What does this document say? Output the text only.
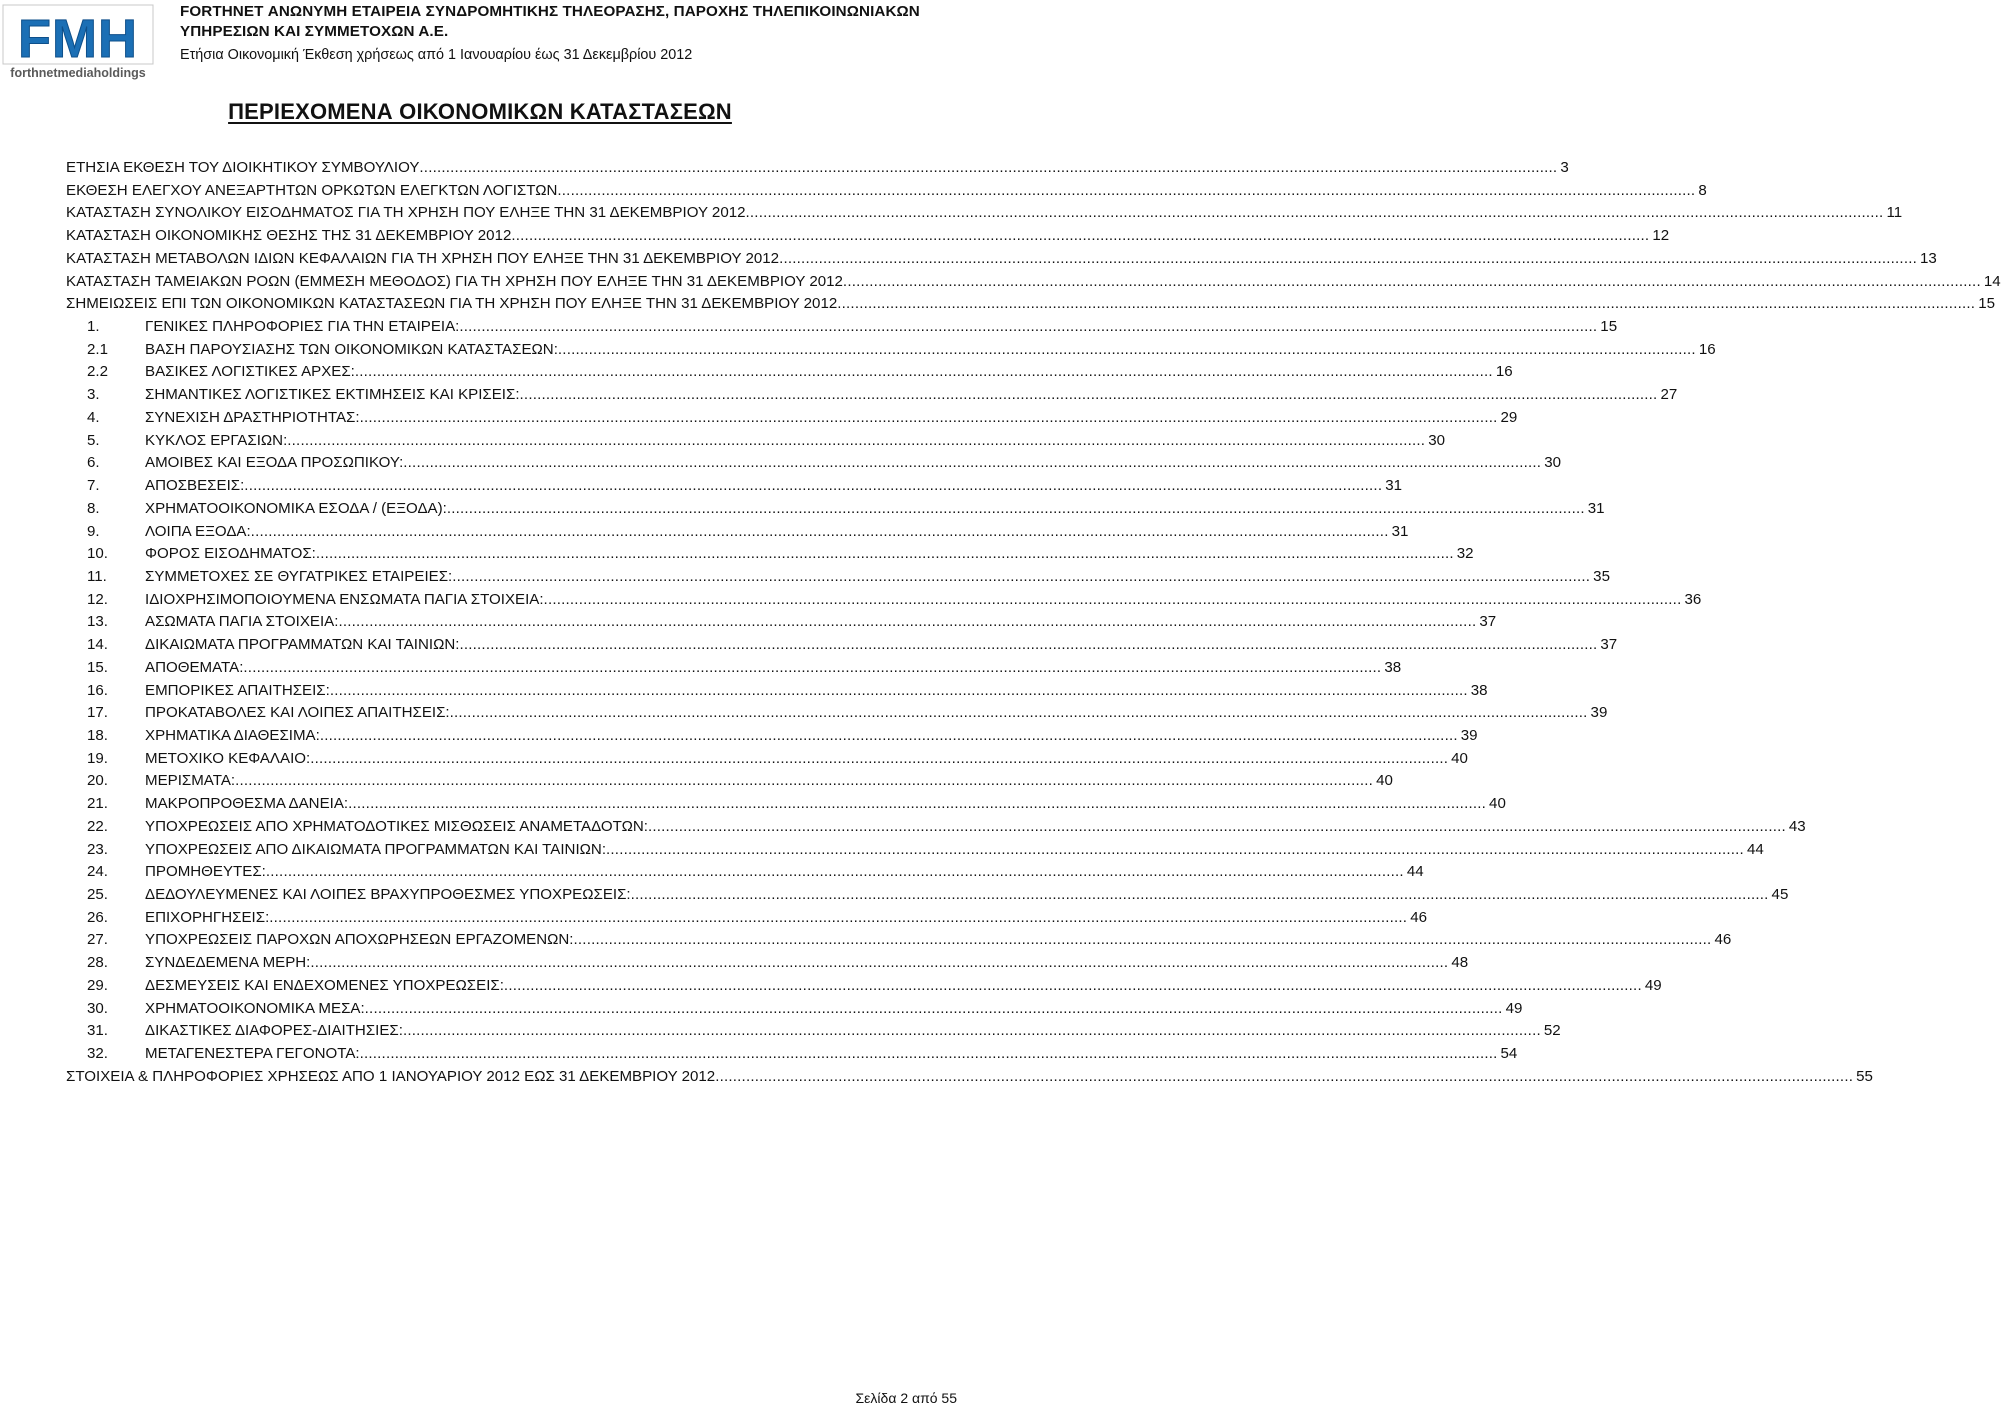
FMH
forthnetmediaholdings
FORTHNET ΑΝΩΝΥΜΗ ΕΤΑΙΡΕΙΑ ΣΥΝΔΡΟΜΗΤΙΚΗΣ ΤΗΛΕΟΡΑΣΗΣ, ΠΑΡΟΧΗΣ ΤΗΛΕΠΙΚΟΙΝΩΝΙΑΚΩΝ
ΥΠΗΡΕΣΙΩΝ ΚΑΙ ΣΥΜΜΕΤΟΧΩΝ Α.Ε.
Ετήσια Οικονομική Έκθεση χρήσεως από 1 Ιανουαρίου έως 31 Δεκεμβρίου 2012
ΠΕΡΙΕΧΟΜΕΝΑ ΟΙΚΟΝΟΜΙΚΩΝ ΚΑΤΑΣΤΑΣΕΩΝ
ΕΤΗΣΙΑ ΕΚΘΕΣΗ ΤΟΥ ΔΙΟΙΚΗΤΙΚΟΥ ΣΥΜΒΟΥΛΙΟΥ .....	3
ΕΚΘΕΣΗ ΕΛΕΓΧΟΥ ΑΝΕΞΑΡΤΗΤΩΝ ΟΡΚΩΤΩΝ ΕΛΕΓΚΤΩΝ ΛΟΓΙΣΤΩΝ .....	8
ΚΑΤΑΣΤΑΣΗ ΣΥΝΟΛΙΚΟΥ ΕΙΣΟΔΗΜΑΤΟΣ ΓΙΑ ΤΗ ΧΡΗΣΗ ΠΟΥ ΕΛΗΞΕ ΤΗΝ 31 ΔΕΚΕΜΒΡΙΟΥ 2012 .....	11
ΚΑΤΑΣΤΑΣΗ ΟΙΚΟΝΟΜΙΚΗΣ ΘΕΣΗΣ ΤΗΣ 31 ΔΕΚΕΜΒΡΙΟΥ 2012 .....	12
ΚΑΤΑΣΤΑΣΗ ΜΕΤΑΒΟΛΩΝ ΙΔΙΩΝ ΚΕΦΑΛΑΙΩΝ ΓΙΑ ΤΗ ΧΡΗΣΗ ΠΟΥ ΕΛΗΞΕ ΤΗΝ 31 ΔΕΚΕΜΒΡΙΟΥ 2012 .....	13
ΚΑΤΑΣΤΑΣΗ ΤΑΜΕΙΑΚΩΝ ΡΟΩΝ (ΕΜΜΕΣΗ ΜΕΘΟΔΟΣ) ΓΙΑ ΤΗ ΧΡΗΣΗ ΠΟΥ ΕΛΗΞΕ ΤΗΝ 31 ΔΕΚΕΜΒΡΙΟΥ 2012 .....	14
ΣΗΜΕΙΩΣΕΙΣ ΕΠΙ ΤΩΝ ΟΙΚΟΝΟΜΙΚΩΝ ΚΑΤΑΣΤΑΣΕΩΝ ΓΙΑ ΤΗ ΧΡΗΣΗ ΠΟΥ ΕΛΗΞΕ ΤΗΝ 31 ΔΕΚΕΜΒΡΙΟΥ 2012 .....	15
1.	ΓΕΝΙΚΕΣ ΠΛΗΡΟΦΟΡΙΕΣ ΓΙΑ ΤΗΝ ΕΤΑΙΡΕΙΑ: .....	15
2.1	ΒΑΣΗ ΠΑΡΟΥΣΙΑΣΗΣ ΤΩΝ ΟΙΚΟΝΟΜΙΚΩΝ ΚΑΤΑΣΤΑΣΕΩΝ: .....	16
2.2	ΒΑΣΙΚΕΣ ΛΟΓΙΣΤΙΚΕΣ ΑΡΧΕΣ: .....	16
3.	ΣΗΜΑΝΤΙΚΕΣ ΛΟΓΙΣΤΙΚΕΣ ΕΚΤΙΜΗΣΕΙΣ ΚΑΙ ΚΡΙΣΕΙΣ: .....	27
4.	ΣΥΝΕΧΙΣΗ ΔΡΑΣΤΗΡΙΟΤΗΤΑΣ: .....	29
5.	ΚΥΚΛΟΣ ΕΡΓΑΣΙΩΝ: .....	30
6.	ΑΜΟΙΒΕΣ ΚΑΙ ΕΞΟΔΑ ΠΡΟΣΩΠΙΚΟΥ: .....	30
7.	ΑΠΟΣΒΕΣΕΙΣ: .....	31
8.	ΧΡΗΜΑΤΟΟΙΚΟΝΟΜΙΚΑ ΕΣΟΔΑ / (ΕΞΟΔΑ): .....	31
9.	ΛΟΙΠΑ ΕΞΟΔΑ: .....	31
10.	ΦΟΡΟΣ ΕΙΣΟΔΗΜΑΤΟΣ: .....	32
11.	ΣΥΜΜΕΤΟΧΕΣ ΣΕ ΘΥΓΑΤΡΙΚΕΣ ΕΤΑΙΡΕΙΕΣ: .....	35
12.	ΙΔΙΟΧΡΗΣΙΜΟΠΟΙΟΥΜΕΝΑ ΕΝΣΩΜΑΤΑ ΠΑΓΙΑ ΣΤΟΙΧΕΙΑ: .....	36
13.	ΑΣΩΜΑΤΑ ΠΑΓΙΑ ΣΤΟΙΧΕΙΑ: .....	37
14.	ΔΙΚΑΙΩΜΑΤΑ ΠΡΟΓΡΑΜΜΑΤΩΝ ΚΑΙ ΤΑΙΝΙΩΝ: .....	37
15.	ΑΠΟΘΕΜΑΤΑ: .....	38
16.	ΕΜΠΟΡΙΚΕΣ ΑΠΑΙΤΗΣΕΙΣ: .....	38
17.	ΠΡΟΚΑΤΑΒΟΛΕΣ ΚΑΙ ΛΟΙΠΕΣ ΑΠΑΙΤΗΣΕΙΣ: .....	39
18.	ΧΡΗΜΑΤΙΚΑ ΔΙΑΘΕΣΙΜΑ: .....	39
19.	ΜΕΤΟΧΙΚΟ ΚΕΦΑΛΑΙΟ: .....	40
20.	ΜΕΡΙΣΜΑΤΑ: .....	40
21.	ΜΑΚΡΟΠΡΟΘΕΣΜΑ ΔΑΝΕΙΑ: .....	40
22.	ΥΠΟΧΡΕΩΣΕΙΣ ΑΠΟ ΧΡΗΜΑΤΟΔΟΤΙΚΕΣ ΜΙΣΘΩΣΕΙΣ ΑΝΑΜΕΤΑΔΟΤΩΝ: .....	43
23.	ΥΠΟΧΡΕΩΣΕΙΣ ΑΠΟ ΔΙΚΑΙΩΜΑΤΑ ΠΡΟΓΡΑΜΜΑΤΩΝ ΚΑΙ ΤΑΙΝΙΩΝ: .....	44
24.	ΠΡΟΜΗΘΕΥΤΕΣ: .....	44
25.	ΔΕΔΟΥΛΕΥΜΕΝΕΣ ΚΑΙ ΛΟΙΠΕΣ ΒΡΑΧΥΠΡΟΘΕΣΜΕΣ ΥΠΟΧΡΕΩΣΕΙΣ: .....	45
26.	ΕΠΙΧΟΡΗΓΗΣΕΙΣ: .....	46
27.	ΥΠΟΧΡΕΩΣΕΙΣ ΠΑΡΟΧΩΝ ΑΠΟΧΩΡΗΣΕΩΝ ΕΡΓΑΖΟΜΕΝΩΝ: .....	46
28.	ΣΥΝΔΕΔΕΜΕΝΑ ΜΕΡΗ: .....	48
29.	ΔΕΣΜΕΥΣΕΙΣ ΚΑΙ ΕΝΔΕΧΟΜΕΝΕΣ ΥΠΟΧΡΕΩΣΕΙΣ: .....	49
30.	ΧΡΗΜΑΤΟΟΙΚΟΝΟΜΙΚΑ ΜΕΣΑ: .....	49
31.	ΔΙΚΑΣΤΙΚΕΣ ΔΙΑΦΟΡΕΣ-ΔΙΑΙΤΗΣΙΕΣ: .....	52
32.	ΜΕΤΑΓΕΝΕΣΤΕΡΑ ΓΕΓΟΝΟΤΑ: .....	54
ΣΤΟΙΧΕΙΑ & ΠΛΗΡΟΦΟΡΙΕΣ ΧΡΗΣΕΩΣ ΑΠΟ 1 ΙΑΝΟΥΑΡΙΟΥ 2012 ΕΩΣ 31 ΔΕΚΕΜΒΡΙΟΥ 2012 .....	55
Σελίδα 2 από 55
